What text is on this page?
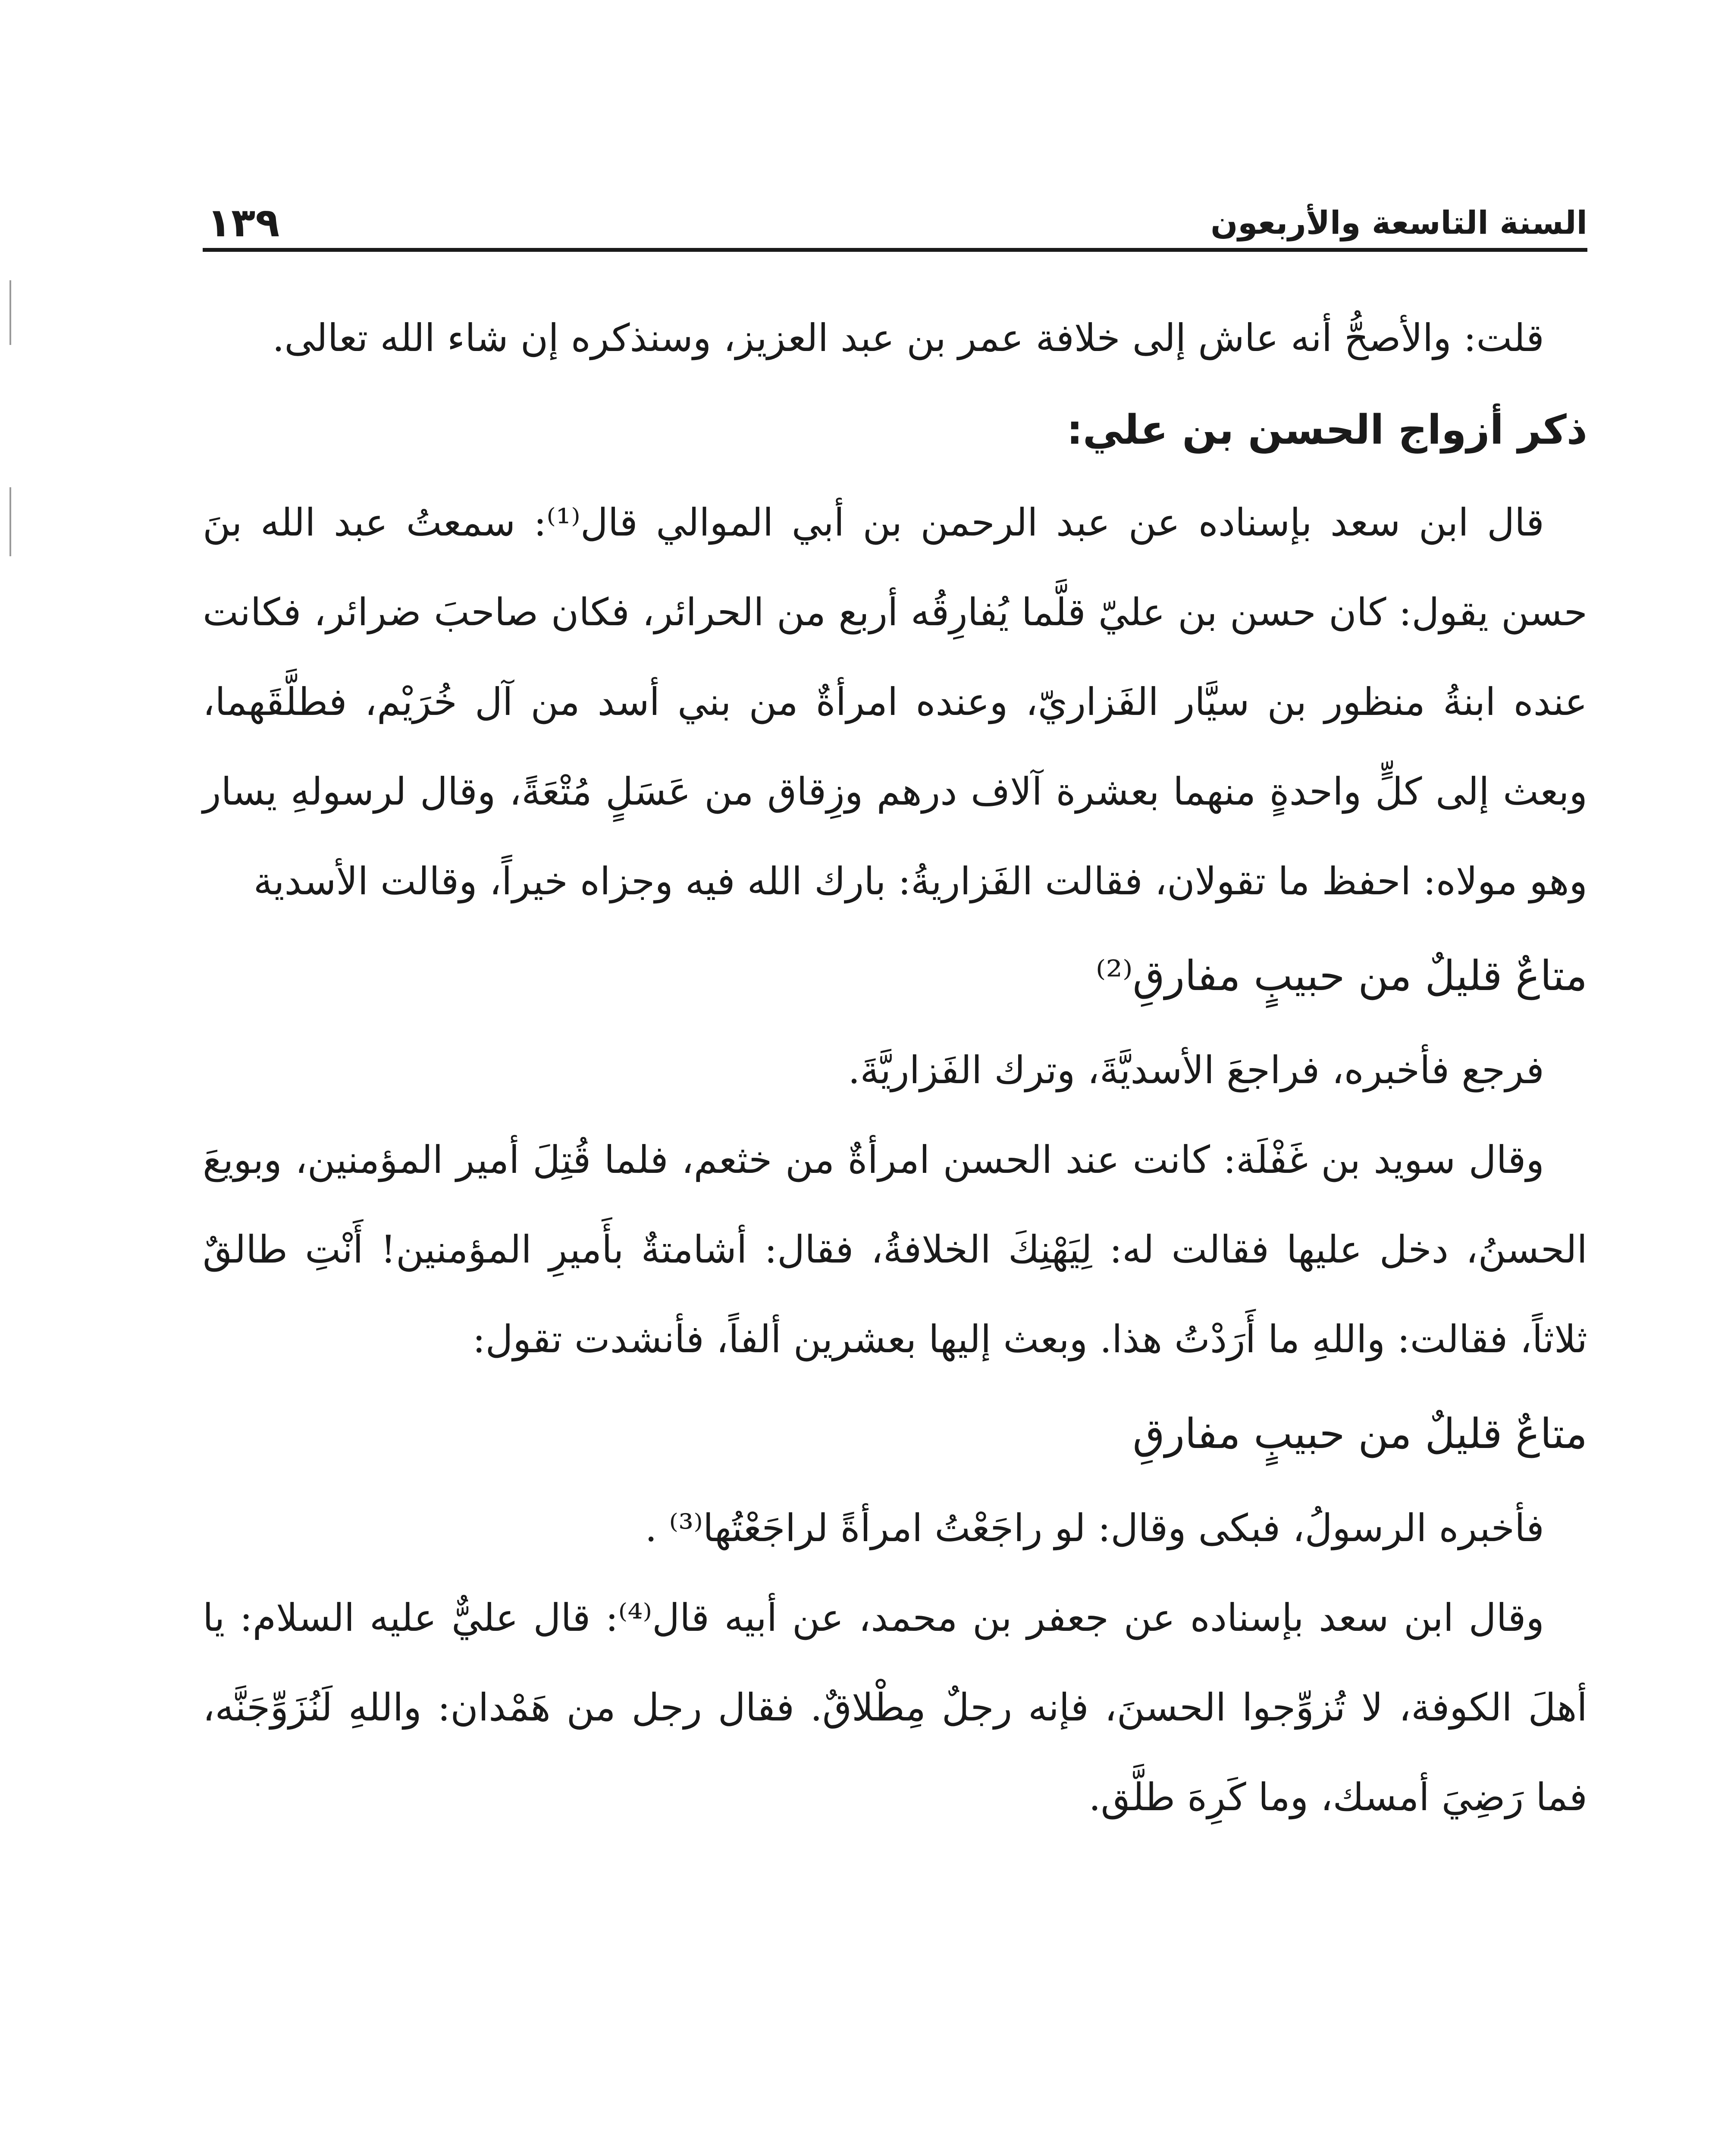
السنة التاسعة والأربعون
١٣٩

قلت: والأصحُّ أنه عاش إلى خلافة عمر بن عبد العزيز، وسنذكره إن شاء الله تعالى.

ذكر أزواج الحسن بن علي:

قال ابن سعد بإسناده عن عبد الرحمن بن أبي الموالي قال⁽¹⁾: سمعتُ عبد الله بنَ حسن يقول: كان حسن بن عليّ قلَّما يُفارِقُه أربع من الحرائر، فكان صاحبَ ضرائر، فكانت عنده ابنةُ منظور بن سيَّار الفَزاريّ، وعنده امرأةٌ من بني أسد من آل خُرَيْم، فطلَّقَهما، وبعث إلى كلٍّ واحدةٍ منهما بعشرة آلاف درهم وزِقاق من عَسَلٍ مُتْعَةً، وقال لرسولهِ يسار وهو مولاه: احفظ ما تقولان، فقالت الفَزاريةُ: بارك الله فيه وجزاه خيراً، وقالت الأسدية

متاعٌ قليلٌ من حبيبٍ مفارقِ⁽²⁾

فرجع فأخبره، فراجعَ الأسديَّةَ، وترك الفَزاريَّةَ.

وقال سويد بن غَفْلَة: كانت عند الحسن امرأةٌ من خثعم، فلما قُتِلَ أمير المؤمنين، وبويعَ الحسنُ، دخل عليها فقالت له: لِيَهْنِكَ الخلافةُ، فقال: أشامتةٌ بأَميرِ المؤمنين! أَنْتِ طالقٌ ثلاثاً، فقالت: واللهِ ما أَرَدْتُ هذا. وبعث إليها بعشرين ألفاً، فأنشدت تقول:

متاعٌ قليلٌ من حبيبٍ مفارقِ

فأخبره الرسولُ، فبكى وقال: لو راجَعْتُ امرأةً لراجَعْتُها⁽³⁾ .

وقال ابن سعد بإسناده عن جعفر بن محمد، عن أبيه قال⁽⁴⁾: قال عليٌّ عليه السلام: يا أهلَ الكوفة، لا تُزوِّجوا الحسنَ، فإنه رجلٌ مِطْلاقٌ. فقال رجل من هَمْدان: واللهِ لَنُزَوِّجَنَّه، فما رَضِيَ أمسك، وما كَرِهَ طلَّق.
